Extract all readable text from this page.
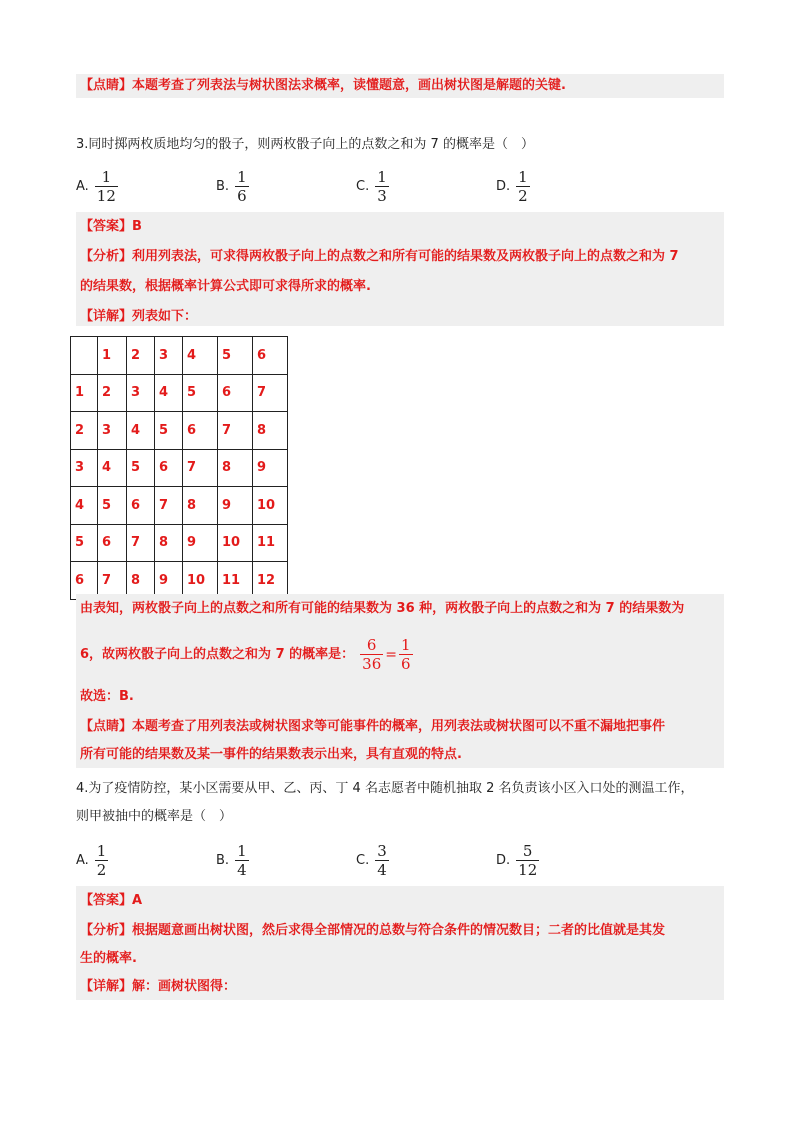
【点睛】本题考查了列表法与树状图法求概率，读懂题意，画出树状图是解题的关键.
3.同时掷两枚质地均匀的骰子，则两枚骰子向上的点数之和为 7 的概率是（　）
A. $\frac{1}{12}$	B. $\frac{1}{6}$	C. $\frac{1}{3}$	D. $\frac{1}{2}$
【答案】B
【分析】利用列表法，可求得两枚骰子向上的点数之和所有可能的结果数及两枚骰子向上的点数之和为 7
的结果数，根据概率计算公式即可求得所求的概率.
【详解】列表如下：
	1	2	3	4	5	6
1	2	3	4	5	6	7
2	3	4	5	6	7	8
3	4	5	6	7	8	9
4	5	6	7	8	9	10
5	6	7	8	9	10	11
6	7	8	9	10	11	12
由表知，两枚骰子向上的点数之和所有可能的结果数为 36 种，两枚骰子向上的点数之和为 7 的结果数为
6，故两枚骰子向上的点数之和为 7 的概率是： $\frac{6}{36} = \frac{1}{6}$
故选：B.
【点睛】本题考查了用列表法或树状图求等可能事件的概率，用列表法或树状图可以不重不漏地把事件
所有可能的结果数及某一事件的结果数表示出来，具有直观的特点.
4.为了疫情防控，某小区需要从甲、乙、丙、丁 4 名志愿者中随机抽取 2 名负责该小区入口处的测温工作，
则甲被抽中的概率是（　）
A. $\frac{1}{2}$	B. $\frac{1}{4}$	C. $\frac{3}{4}$	D. $\frac{5}{12}$
【答案】A
【分析】根据题意画出树状图，然后求得全部情况的总数与符合条件的情况数目；二者的比值就是其发
生的概率.
【详解】解：画树状图得：
